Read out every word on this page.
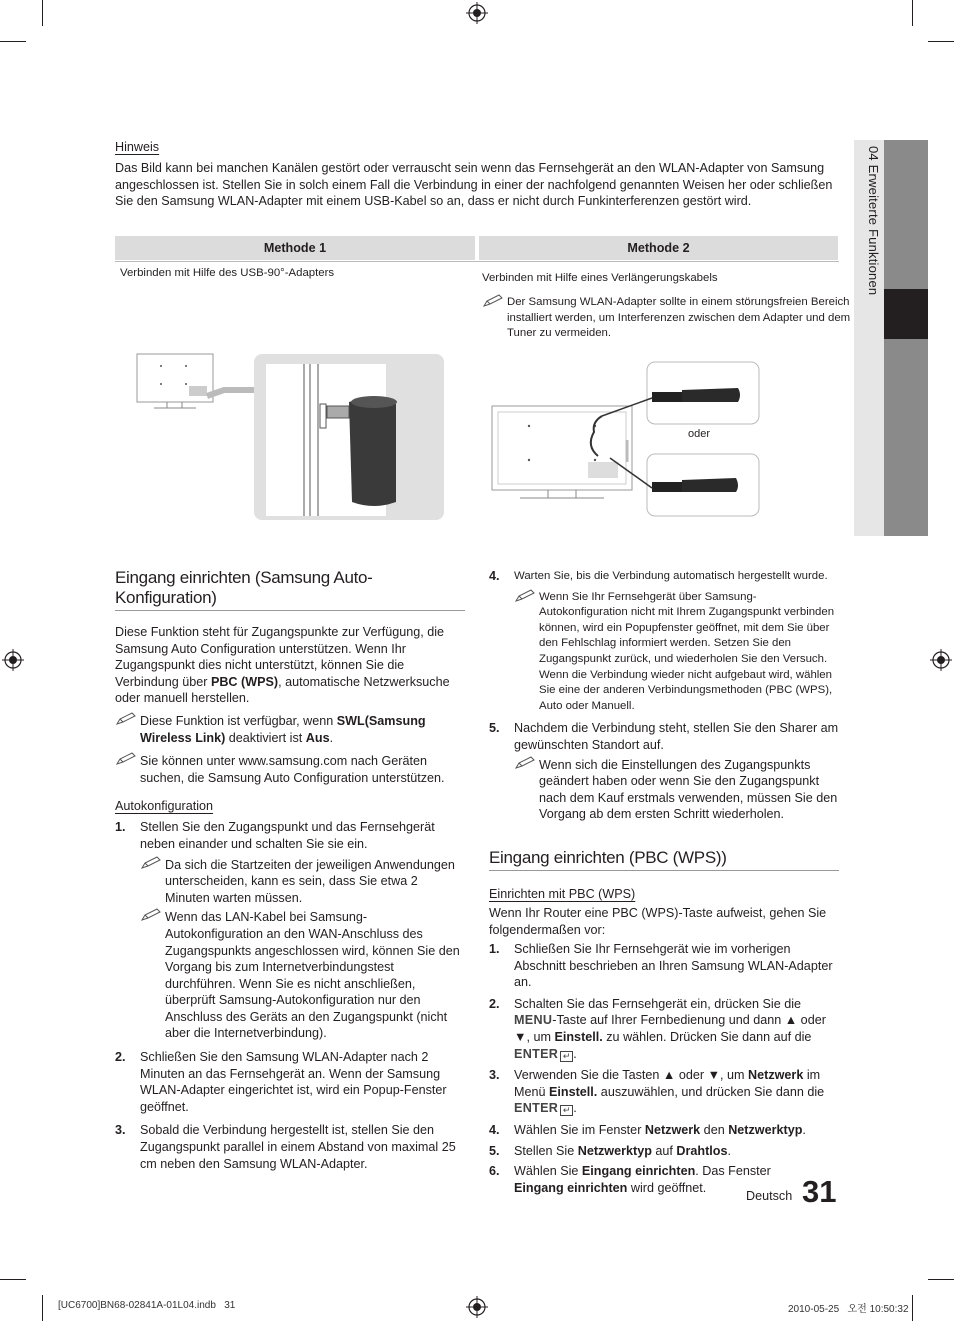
04 Erweiterte Funktionen
Hinweis
Das Bild kann bei manchen Kanälen gestört oder verrauscht sein wenn das Fernsehgerät an den WLAN-Adapter von Samsung angeschlossen ist. Stellen Sie in solch einem Fall die Verbindung in einer der nachfolgend genannten Weisen her oder schließen Sie den Samsung WLAN-Adapter mit einem USB-Kabel so an, dass er nicht durch Funkinterferenzen gestört wird.
Methode 1	Methode 2
Verbinden mit Hilfe des USB-90°-Adapters	Verbinden mit Hilfe eines Verlängerungskabels
Der Samsung WLAN-Adapter sollte in einem störungsfreien Bereich installiert werden, um Interferenzen zwischen dem Adapter und dem Tuner zu vermeiden.
oder
Eingang einrichten (Samsung Auto-Konfiguration)
Diese Funktion steht für Zugangspunkte zur Verfügung, die Samsung Auto Configuration unterstützen. Wenn Ihr Zugangspunkt dies nicht unterstützt, können Sie die Verbindung über PBC (WPS), automatische Netzwerksuche oder manuell herstellen.
Diese Funktion ist verfügbar, wenn SWL(Samsung Wireless Link) deaktiviert ist Aus.
Sie können unter www.samsung.com nach Geräten suchen, die Samsung Auto Configuration unterstützen.
Autokonfiguration
1. Stellen Sie den Zugangspunkt und das Fernsehgerät neben einander und schalten Sie sie ein.
Da sich die Startzeiten der jeweiligen Anwendungen unterscheiden, kann es sein, dass Sie etwa 2 Minuten warten müssen.
Wenn das LAN-Kabel bei Samsung-Autokonfiguration an den WAN-Anschluss des Zugangspunkts angeschlossen wird, können Sie den Vorgang bis zum Internetverbindungstest durchführen. Wenn Sie es nicht anschließen, überprüft Samsung-Autokonfiguration nur den Anschluss des Geräts an den Zugangspunkt (nicht aber die Internetverbindung).
2. Schließen Sie den Samsung WLAN-Adapter nach 2 Minuten an das Fernsehgerät an. Wenn der Samsung WLAN-Adapter eingerichtet ist, wird ein Popup-Fenster geöffnet.
3. Sobald die Verbindung hergestellt ist, stellen Sie den Zugangspunkt parallel in einem Abstand von maximal 25 cm neben den Samsung WLAN-Adapter.
4. Warten Sie, bis die Verbindung automatisch hergestellt wurde.
Wenn Sie Ihr Fernsehgerät über Samsung-Autokonfiguration nicht mit Ihrem Zugangspunkt verbinden können, wird ein Popupfenster geöffnet, mit dem Sie über den Fehlschlag informiert werden. Setzen Sie den Zugangspunkt zurück, und wiederholen Sie den Versuch. Wenn die Verbindung wieder nicht aufgebaut wird, wählen Sie eine der anderen Verbindungsmethoden (PBC (WPS), Auto oder Manuell.
5. Nachdem die Verbindung steht, stellen Sie den Sharer am gewünschten Standort auf.
Wenn sich die Einstellungen des Zugangspunkts geändert haben oder wenn Sie den Zugangspunkt nach dem Kauf erstmals verwenden, müssen Sie den Vorgang ab dem ersten Schritt wiederholen.
Eingang einrichten (PBC (WPS))
Einrichten mit PBC (WPS)
Wenn Ihr Router eine PBC (WPS)-Taste aufweist, gehen Sie folgendermaßen vor:
1. Schließen Sie Ihr Fernsehgerät wie im vorherigen Abschnitt beschrieben an Ihren Samsung WLAN-Adapter an.
2. Schalten Sie das Fernsehgerät ein, drücken Sie die MENU-Taste auf Ihrer Fernbedienung und dann ▲ oder ▼, um Einstell. zu wählen. Drücken Sie dann auf die ENTER ↵ .
3. Verwenden Sie die Tasten ▲ oder ▼, um Netzwerk im Menü Einstell. auszuwählen, und drücken Sie dann die ENTER ↵ .
4. Wählen Sie im Fenster Netzwerk den Netzwerktyp.
5. Stellen Sie Netzwerktyp auf Drahtlos.
6. Wählen Sie Eingang einrichten. Das Fenster
Eingang einrichten wird geöffnet.
Deutsch 31
[UC6700]BN68-02841A-01L04.indb   31	2010-05-25   오전 10:50:32
